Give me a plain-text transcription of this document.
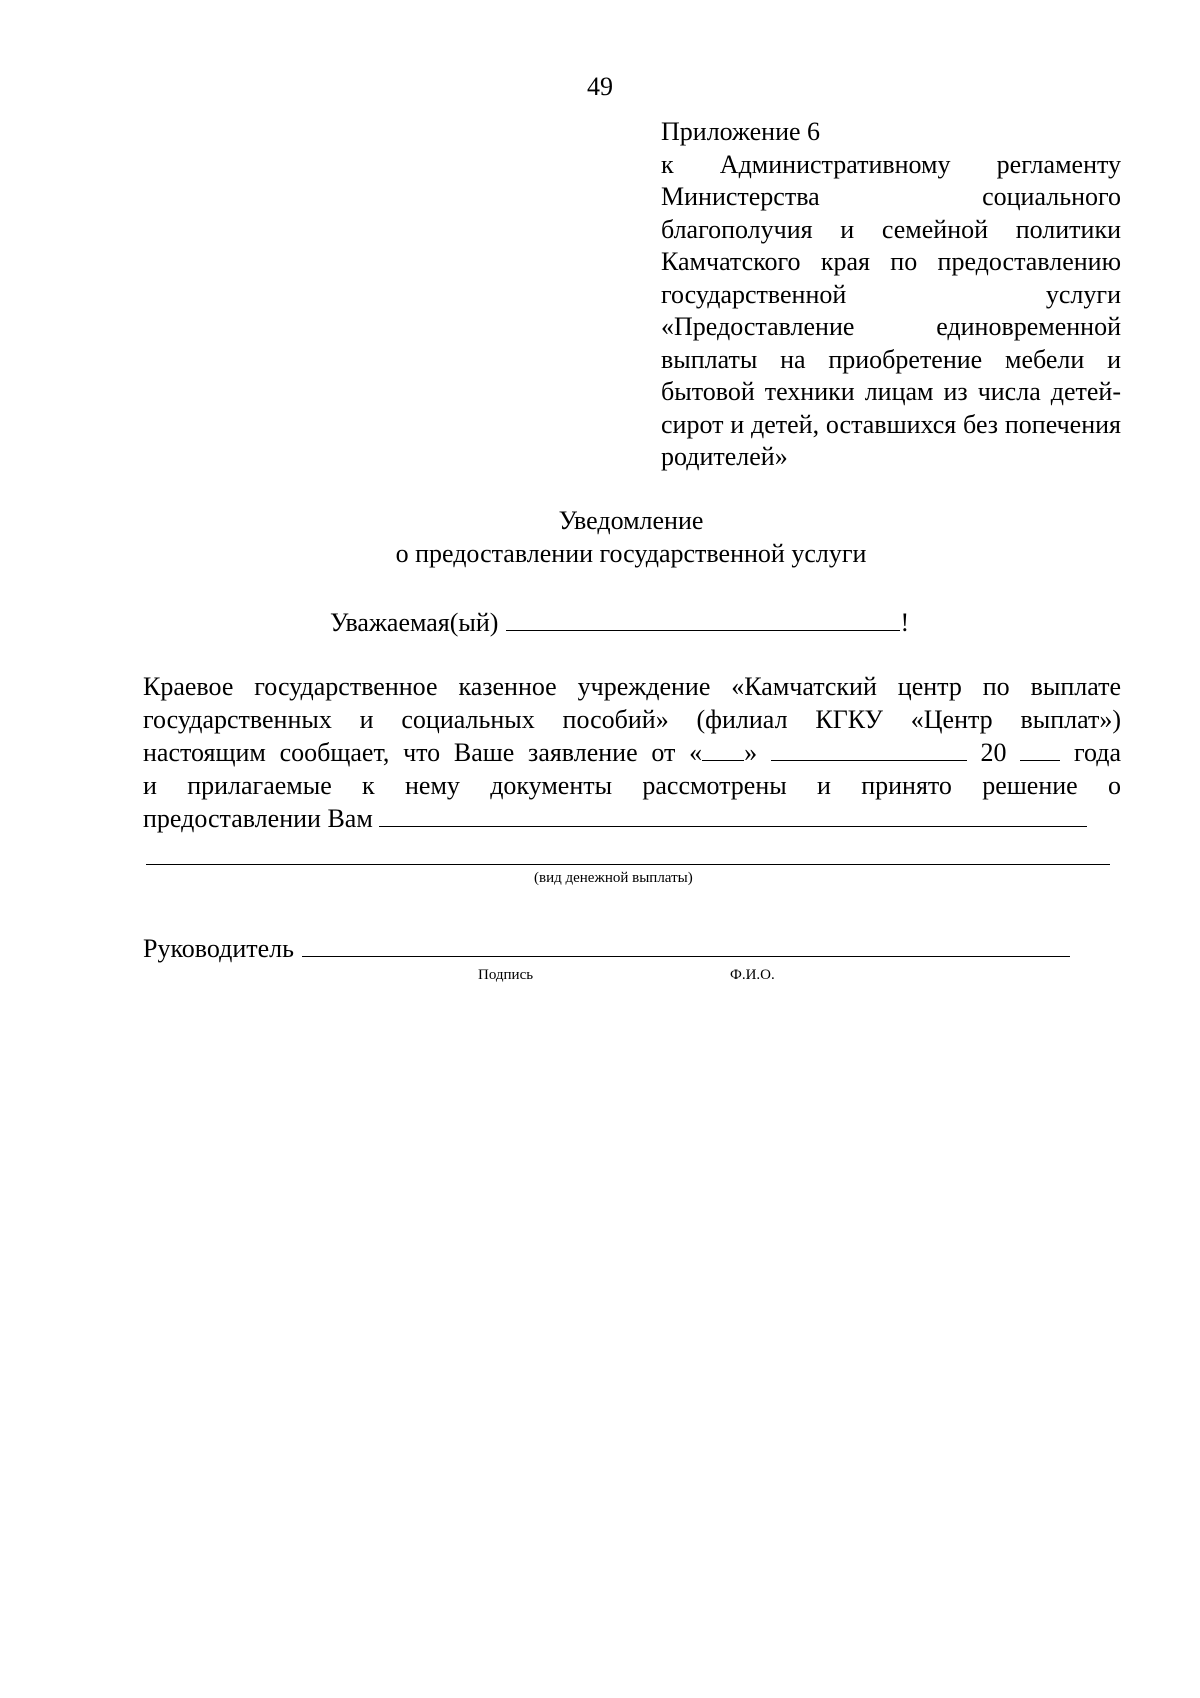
49
Приложение 6
к Административному регламенту Министерства социального благополучия и семейной политики Камчатского края по предоставлению государственной услуги «Предоставление единовременной выплаты на приобретение мебели и бытовой техники лицам из числа детей-сирот и детей, оставшихся без попечения родителей»
Уведомление
о предоставлении государственной услуги
Уважаемая(ый)	!
Краевое государственное казенное учреждение «Камчатский центр по выплате
государственных и социальных пособий» (филиал КГКУ «Центр выплат»)
настоящим сообщает, что Ваше заявление от « »	20	года
и прилагаемые к нему документы рассмотрены и принято решение о
предоставлении Вам
(вид денежной выплаты)
Руководитель
Подпись	Ф.И.О.
